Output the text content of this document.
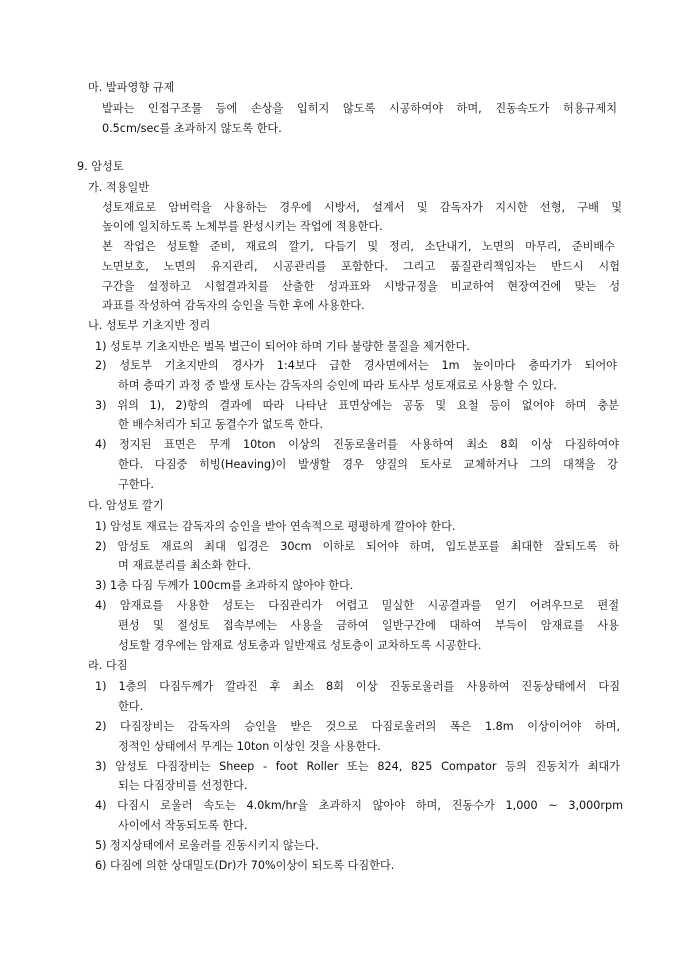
마. 발파영향 규제
발파는 인접구조물 등에 손상을 입히지 않도록 시공하여야 하며, 진동속도가 허용규제치
0.5cm/sec를 초과하지 않도록 한다.
9. 암성토
가. 적용일반
성토재료로 암버럭을 사용하는 경우에 시방서, 설계서 및 감독자가 지시한 선형, 구배 및
높이에 일치하도록 노체부를 완성시키는 작업에 적용한다.
본 작업은 성토할 준비, 재료의 깔기, 다듬기 및 정리, 소단내기, 노면의 마무리, 준비배수
노면보호, 노면의 유지관리, 시공관리를 포함한다. 그리고 품질관리책임자는 반드시 시험
구간을 설정하고 시험결과치를 산출한 성과표와 시방규정을 비교하여 현장여건에 맞는 성
과표를 작성하여 감독자의 승인을 득한 후에 사용한다.
나. 성토부 기초지반 정리
1) 성토부 기초지반은 벌목 벌근이 되어야 하며 기타 불량한 물질을 제거한다.
2) 성토부 기초지반의 경사가 1:4보다 급한 경사면에서는 1m 높이마다 층따기가 되어야
하며 층따기 과정 중 발생 토사는 감독자의 승인에 따라 토사부 성토재료로 사용할 수 있다.
3) 위의 1), 2)항의 결과에 따라 나타난 표면상에는 공동 및 요철 등이 없어야 하며 충분
한 배수처리가 되고 동결수가 없도록 한다.
4) 정지된 표면은 무게 10ton 이상의 진동로울러를 사용하여 최소 8회 이상 다짐하여야
한다. 다짐중 히빙(Heaving)이 발생할 경우 양질의 토사로 교체하거나 그의 대책을 강
구한다.
다. 암성토 깔기
1) 암성토 재료는 감독자의 승인을 받아 연속적으로 평평하게 깔아야 한다.
2) 암성토 재료의 최대 입경은 30cm 이하로 되어야 하며, 입도분포를 최대한 잘되도록 하
며 재료분리를 최소화 한다.
3) 1층 다짐 두께가 100cm를 초과하지 않아야 한다.
4) 암재료를 사용한 성토는 다짐관리가 어렵고 밀실한 시공결과를 얻기 어려우므로 편절
편성 및 절성토 접속부에는 사용을 금하여 일반구간에 대하여 부득이 암재료를 사용
성토할 경우에는 암재료 성토층과 일반재료 성토층이 교차하도록 시공한다.
라. 다짐
1) 1층의 다짐두께가 깔라진 후 최소 8회 이상 진동로울러를 사용하여 진동상태에서 다짐
한다.
2) 다짐장비는 감독자의 승인을 받은 것으로 다짐로울러의 폭은 1.8m 이상이어야 하며,
정적인 상태에서 무게는 10ton 이상인 것을 사용한다.
3) 암성토 다짐장비는 Sheep - foot Roller 또는 824, 825 Compator 등의 진동치가 최대가
되는 다짐장비를 선정한다.
4) 다짐시 로울러 속도는 4.0km/hr을 초과하지 않아야 하며, 진동수가 1,000 ~ 3,000rpm
사이에서 작동되도록 한다.
5) 정지상태에서 로울러를 진동시키지 않는다.
6) 다짐에 의한 상대밀도(Dr)가 70%이상이 되도록 다짐한다.
